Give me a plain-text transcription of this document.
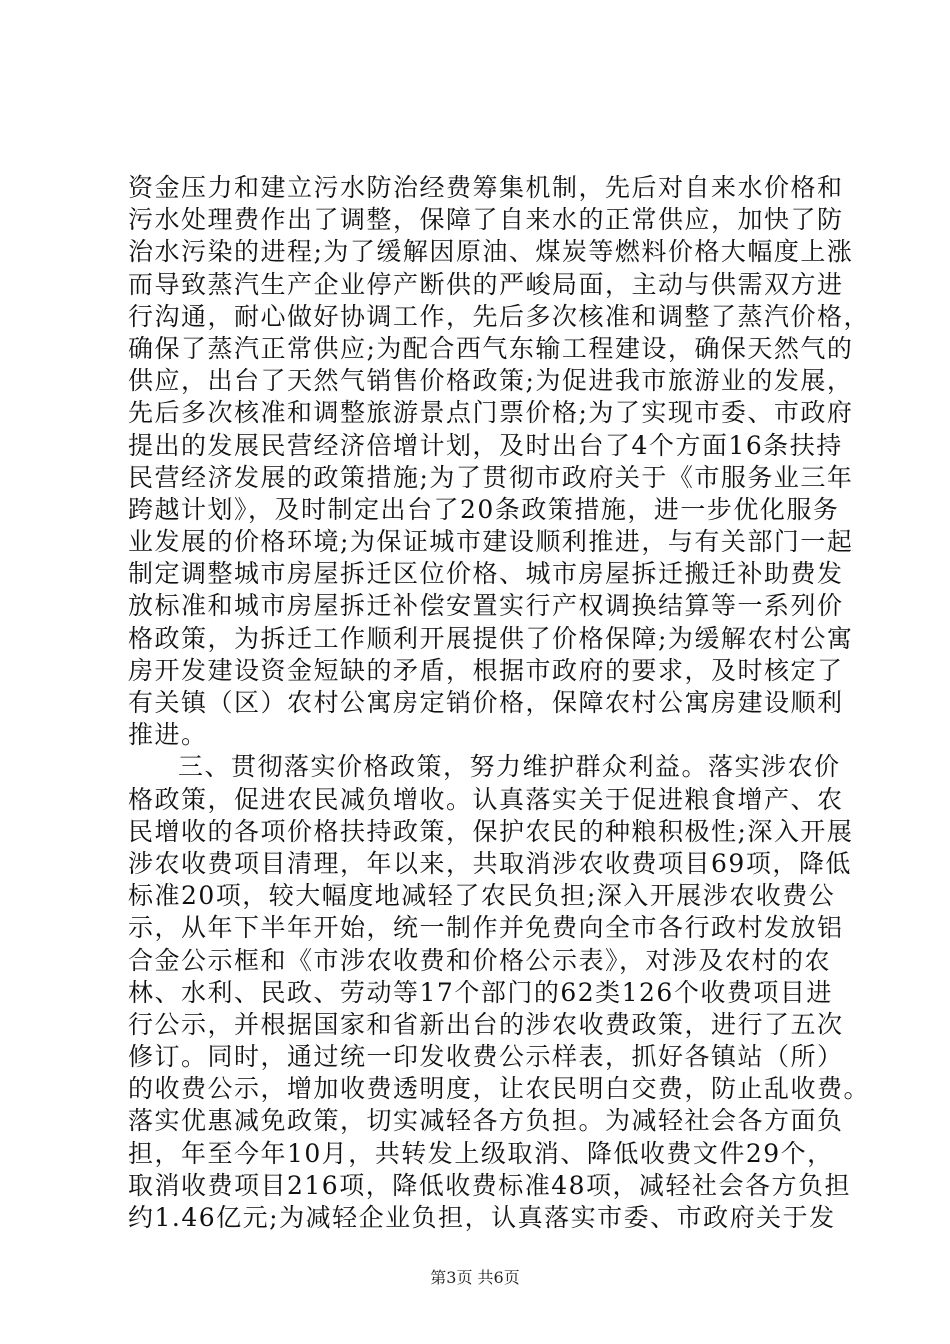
资金压力和建立污水防治经费筹集机制，先后对自来水价格和
污水处理费作出了调整，保障了自来水的正常供应，加快了防
治水污染的进程;为了缓解因原油、煤炭等燃料价格大幅度上涨
而导致蒸汽生产企业停产断供的严峻局面，主动与供需双方进
行沟通，耐心做好协调工作，先后多次核准和调整了蒸汽价格，
确保了蒸汽正常供应;为配合西气东输工程建设，确保天然气的
供应，出台了天然气销售价格政策;为促进我市旅游业的发展，
先后多次核准和调整旅游景点门票价格;为了实现市委、市政府
提出的发展民营经济倍增计划，及时出台了4个方面16条扶持
民营经济发展的政策措施;为了贯彻市政府关于《市服务业三年
跨越计划》，及时制定出台了20条政策措施，进一步优化服务
业发展的价格环境;为保证城市建设顺利推进，与有关部门一起
制定调整城市房屋拆迁区位价格、城市房屋拆迁搬迁补助费发
放标准和城市房屋拆迁补偿安置实行产权调换结算等一系列价
格政策，为拆迁工作顺利开展提供了价格保障;为缓解农村公寓
房开发建设资金短缺的矛盾，根据市政府的要求，及时核定了
有关镇（区）农村公寓房定销价格，保障农村公寓房建设顺利
推进。
三、贯彻落实价格政策，努力维护群众利益。落实涉农价
格政策，促进农民减负增收。认真落实关于促进粮食增产、农
民增收的各项价格扶持政策，保护农民的种粮积极性;深入开展
涉农收费项目清理，年以来，共取消涉农收费项目69项，降低
标准20项，较大幅度地减轻了农民负担;深入开展涉农收费公
示，从年下半年开始，统一制作并免费向全市各行政村发放铝
合金公示框和《市涉农收费和价格公示表》，对涉及农村的农
林、水利、民政、劳动等17个部门的62类126个收费项目进
行公示，并根据国家和省新出台的涉农收费政策，进行了五次
修订。同时，通过统一印发收费公示样表，抓好各镇站（所）
的收费公示，增加收费透明度，让农民明白交费，防止乱收费。
落实优惠减免政策，切实减轻各方负担。为减轻社会各方面负
担，年至今年10月，共转发上级取消、降低收费文件29个，
取消收费项目216项，降低收费标准48项，减轻社会各方负担
约1.46亿元;为减轻企业负担，认真落实市委、市政府关于发
第3页 共6页
